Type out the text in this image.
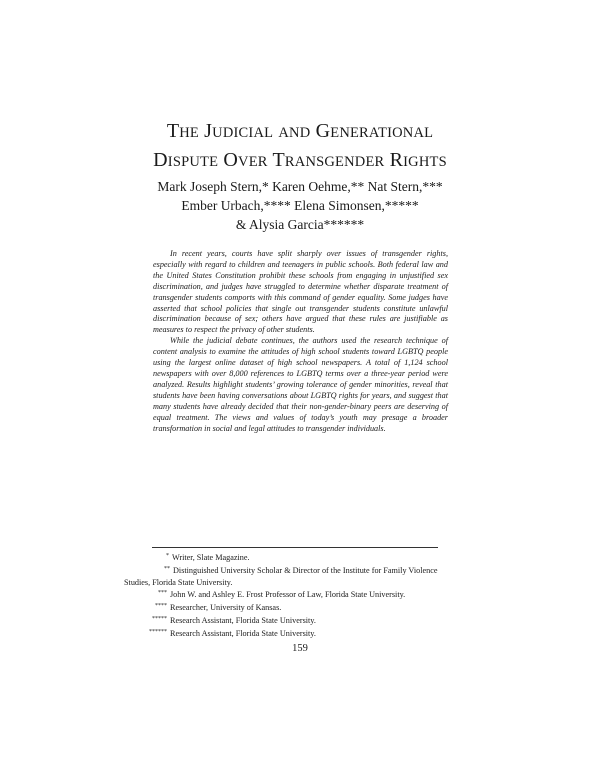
THE JUDICIAL AND GENERATIONAL
DISPUTE OVER TRANSGENDER RIGHTS
Mark Joseph Stern,* Karen Oehme,** Nat Stern,***
Ember Urbach,**** Elena Simonsen,*****
& Alysia Garcia******

In recent years, courts have split sharply over issues of transgender rights, especially with regard to children and teenagers in public schools. Both federal law and the United States Constitution prohibit these schools from engaging in unjustified sex discrimination, and judges have struggled to determine whether disparate treatment of transgender students comports with this command of gender equality. Some judges have asserted that school policies that single out transgender students constitute unlawful discrimination because of sex; others have argued that these rules are justifiable as measures to respect the privacy of other students.

While the judicial debate continues, the authors used the research technique of content analysis to examine the attitudes of high school students toward LGBTQ people using the largest online dataset of high school newspapers. A total of 1,124 school newspapers with over 8,000 references to LGBTQ terms over a three-year period were analyzed. Results highlight students’ growing tolerance of gender minorities, reveal that students have been having conversations about LGBTQ rights for years, and suggest that many students have already decided that their non-gender-binary peers are deserving of equal treatment. The views and values of today’s youth may presage a broader transformation in social and legal attitudes to transgender individuals.

* Writer, Slate Magazine.
** Distinguished University Scholar & Director of the Institute for Family Violence
Studies, Florida State University.
*** John W. and Ashley E. Frost Professor of Law, Florida State University.
**** Researcher, University of Kansas.
***** Research Assistant, Florida State University.
****** Research Assistant, Florida State University.
159
